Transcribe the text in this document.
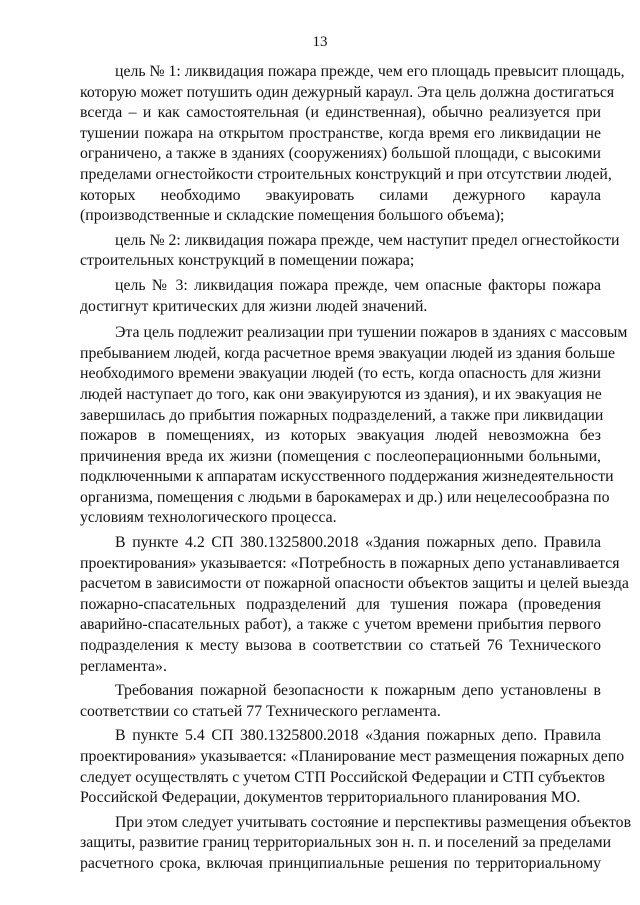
13

цель № 1: ликвидация пожара прежде, чем его площадь превысит площадь,
которую может потушить один дежурный караул. Эта цель должна достигаться
всегда – и как самостоятельная (и единственная), обычно реализуется при
тушении пожара на открытом пространстве, когда время его ликвидации не
ограничено, а также в зданиях (сооружениях) большой площади, с высокими
пределами огнестойкости строительных конструкций и при отсутствии людей,
которых необходимо эвакуировать силами дежурного караула
(производственные и складские помещения большого объема);

цель № 2: ликвидация пожара прежде, чем наступит предел огнестойкости
строительных конструкций в помещении пожара;

цель № 3: ликвидация пожара прежде, чем опасные факторы пожара
достигнут критических для жизни людей значений.

Эта цель подлежит реализации при тушении пожаров в зданиях с массовым
пребыванием людей, когда расчетное время эвакуации людей из здания больше
необходимого времени эвакуации людей (то есть, когда опасность для жизни
людей наступает до того, как они эвакуируются из здания), и их эвакуация не
завершилась до прибытия пожарных подразделений, а также при ликвидации
пожаров в помещениях, из которых эвакуация людей невозможна без
причинения вреда их жизни (помещения с послеоперационными больными,
подключенными к аппаратам искусственного поддержания жизнедеятельности
организма, помещения с людьми в барокамерах и др.) или нецелесообразна по
условиям технологического процесса.

В пункте 4.2 СП 380.1325800.2018 «Здания пожарных депо. Правила
проектирования» указывается: «Потребность в пожарных депо устанавливается
расчетом в зависимости от пожарной опасности объектов защиты и целей выезда
пожарно-спасательных подразделений для тушения пожара (проведения
аварийно-спасательных работ), а также с учетом времени прибытия первого
подразделения к месту вызова в соответствии со статьей 76 Технического
регламента».

Требования пожарной безопасности к пожарным депо установлены в
соответствии со статьей 77 Технического регламента.

В пункте 5.4 СП 380.1325800.2018 «Здания пожарных депо. Правила
проектирования» указывается: «Планирование мест размещения пожарных депо
следует осуществлять с учетом СТП Российской Федерации и СТП субъектов
Российской Федерации, документов территориального планирования МО.

При этом следует учитывать состояние и перспективы размещения объектов
защиты, развитие границ территориальных зон н. п. и поселений за пределами
расчетного срока, включая принципиальные решения по территориальному
